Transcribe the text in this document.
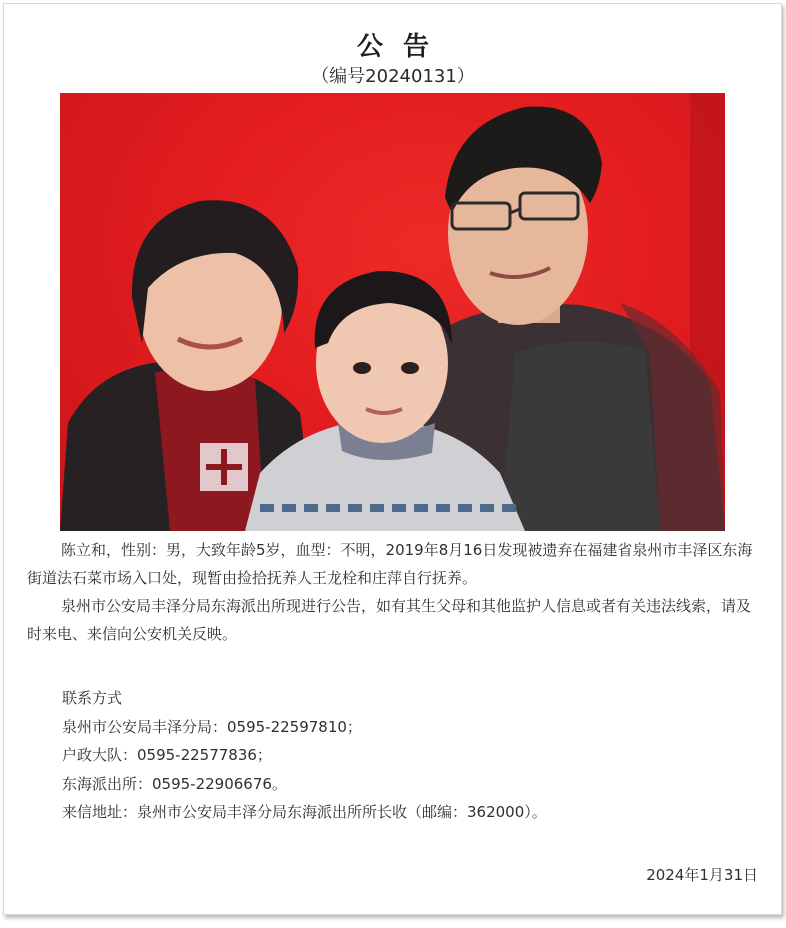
公告
（编号20240131）

陈立和，性别：男，大致年龄5岁，血型：不明，2019年8月16日发现被遗弃在福建省泉州市丰泽区东海街道法石菜市场入口处，现暂由捡拾抚养人王龙栓和庄萍自行抚养。

泉州市公安局丰泽分局东海派出所现进行公告，如有其生父母和其他监护人信息或者有关违法线索，请及时来电、来信向公安机关反映。

联系方式
泉州市公安局丰泽分局：0595-22597810；
户政大队：0595-22577836；
东海派出所：0595-22906676。
来信地址：泉州市公安局丰泽分局东海派出所所长收（邮编：362000）。
2024年1月31日
